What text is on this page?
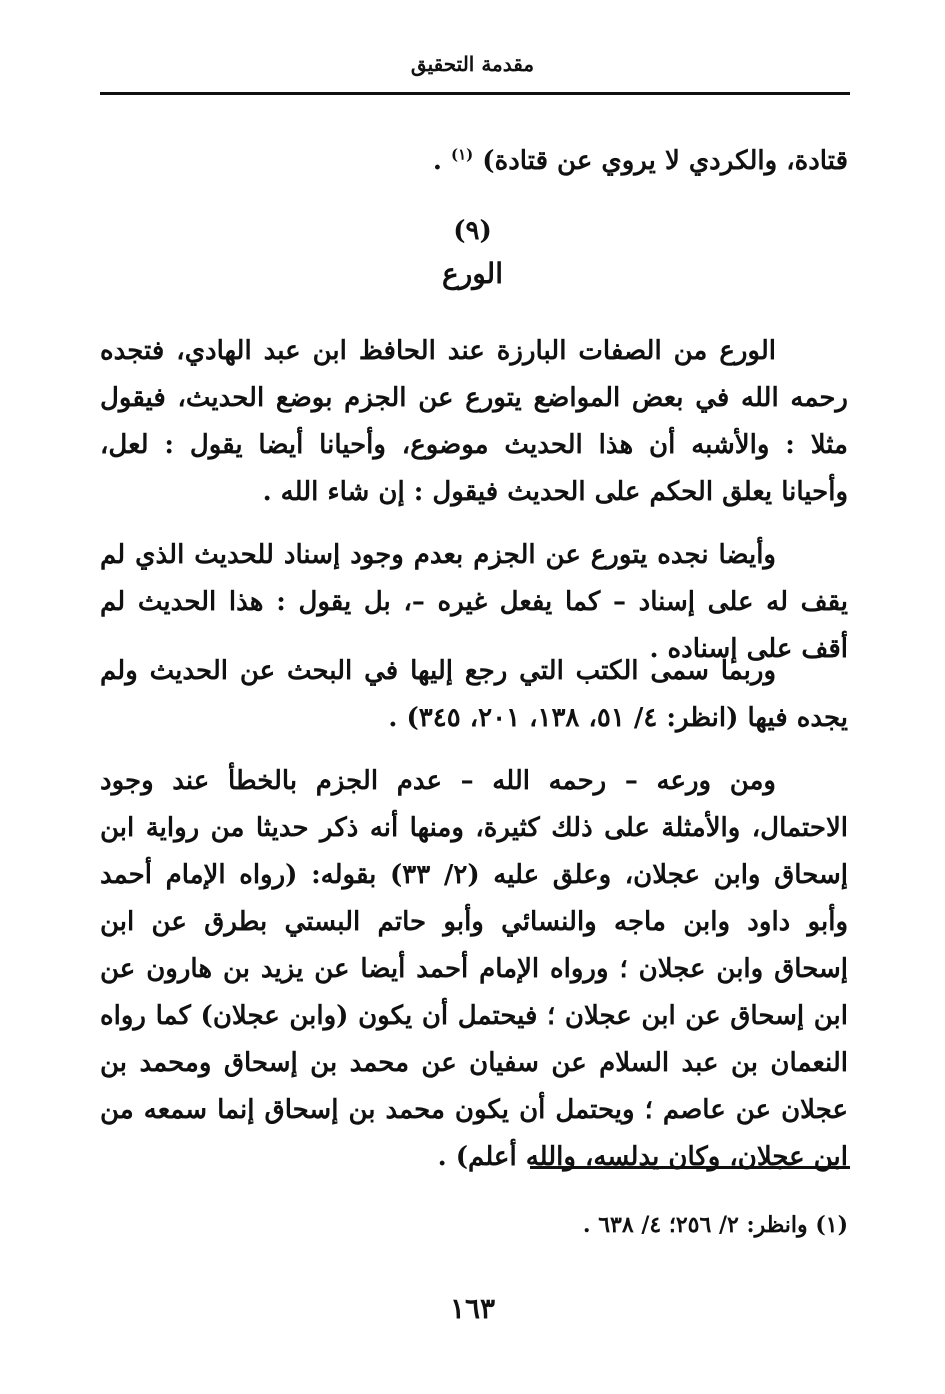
مقدمة التحقيق

قتادة، والكردي لا يروي عن قتادة) $^{(١)}$ .

(٩)
الورع

الورع من الصفات البارزة عند الحافظ ابن عبد الهادي، فتجده رحمه الله في بعض المواضع يتورع عن الجزم بوضع الحديث، فيقول مثلا : والأشبه أن هذا الحديث موضوع، وأحيانا أيضا يقول : لعل، وأحيانا يعلق الحكم على الحديث فيقول : إن شاء الله .

وأيضا نجده يتورع عن الجزم بعدم وجود إسناد للحديث الذي لم يقف له على إسناد – كما يفعل غيره –، بل يقول : هذا الحديث لم أقف على إسناده .

وربما سمى الكتب التي رجع إليها في البحث عن الحديث ولم يجده فيها (انظر: ٤/ ٥١، ١٣٨، ٢٠١، ٣٤٥) .

ومن ورعه – رحمه الله – عدم الجزم بالخطأ عند وجود الاحتمال، والأمثلة على ذلك كثيرة، ومنها أنه ذكر حديثا من رواية ابن إسحاق وابن عجلان، وعلق عليه (٢/ ٣٣) بقوله: (رواه الإمام أحمد وأبو داود وابن ماجه والنسائي وأبو حاتم البستي بطرق عن ابن إسحاق وابن عجلان ؛ ورواه الإمام أحمد أيضا عن يزيد بن هارون عن ابن إسحاق عن ابن عجلان ؛ فيحتمل أن يكون (وابن عجلان) كما رواه النعمان بن عبد السلام عن سفيان عن محمد بن إسحاق ومحمد بن عجلان عن عاصم ؛ ويحتمل أن يكون محمد بن إسحاق إنما سمعه من ابن عجلان، وكان يدلسه، والله أعلم) .

(١) وانظر: ٢/ ٢٥٦؛ ٤/ ٦٣٨ .
١٦٣
